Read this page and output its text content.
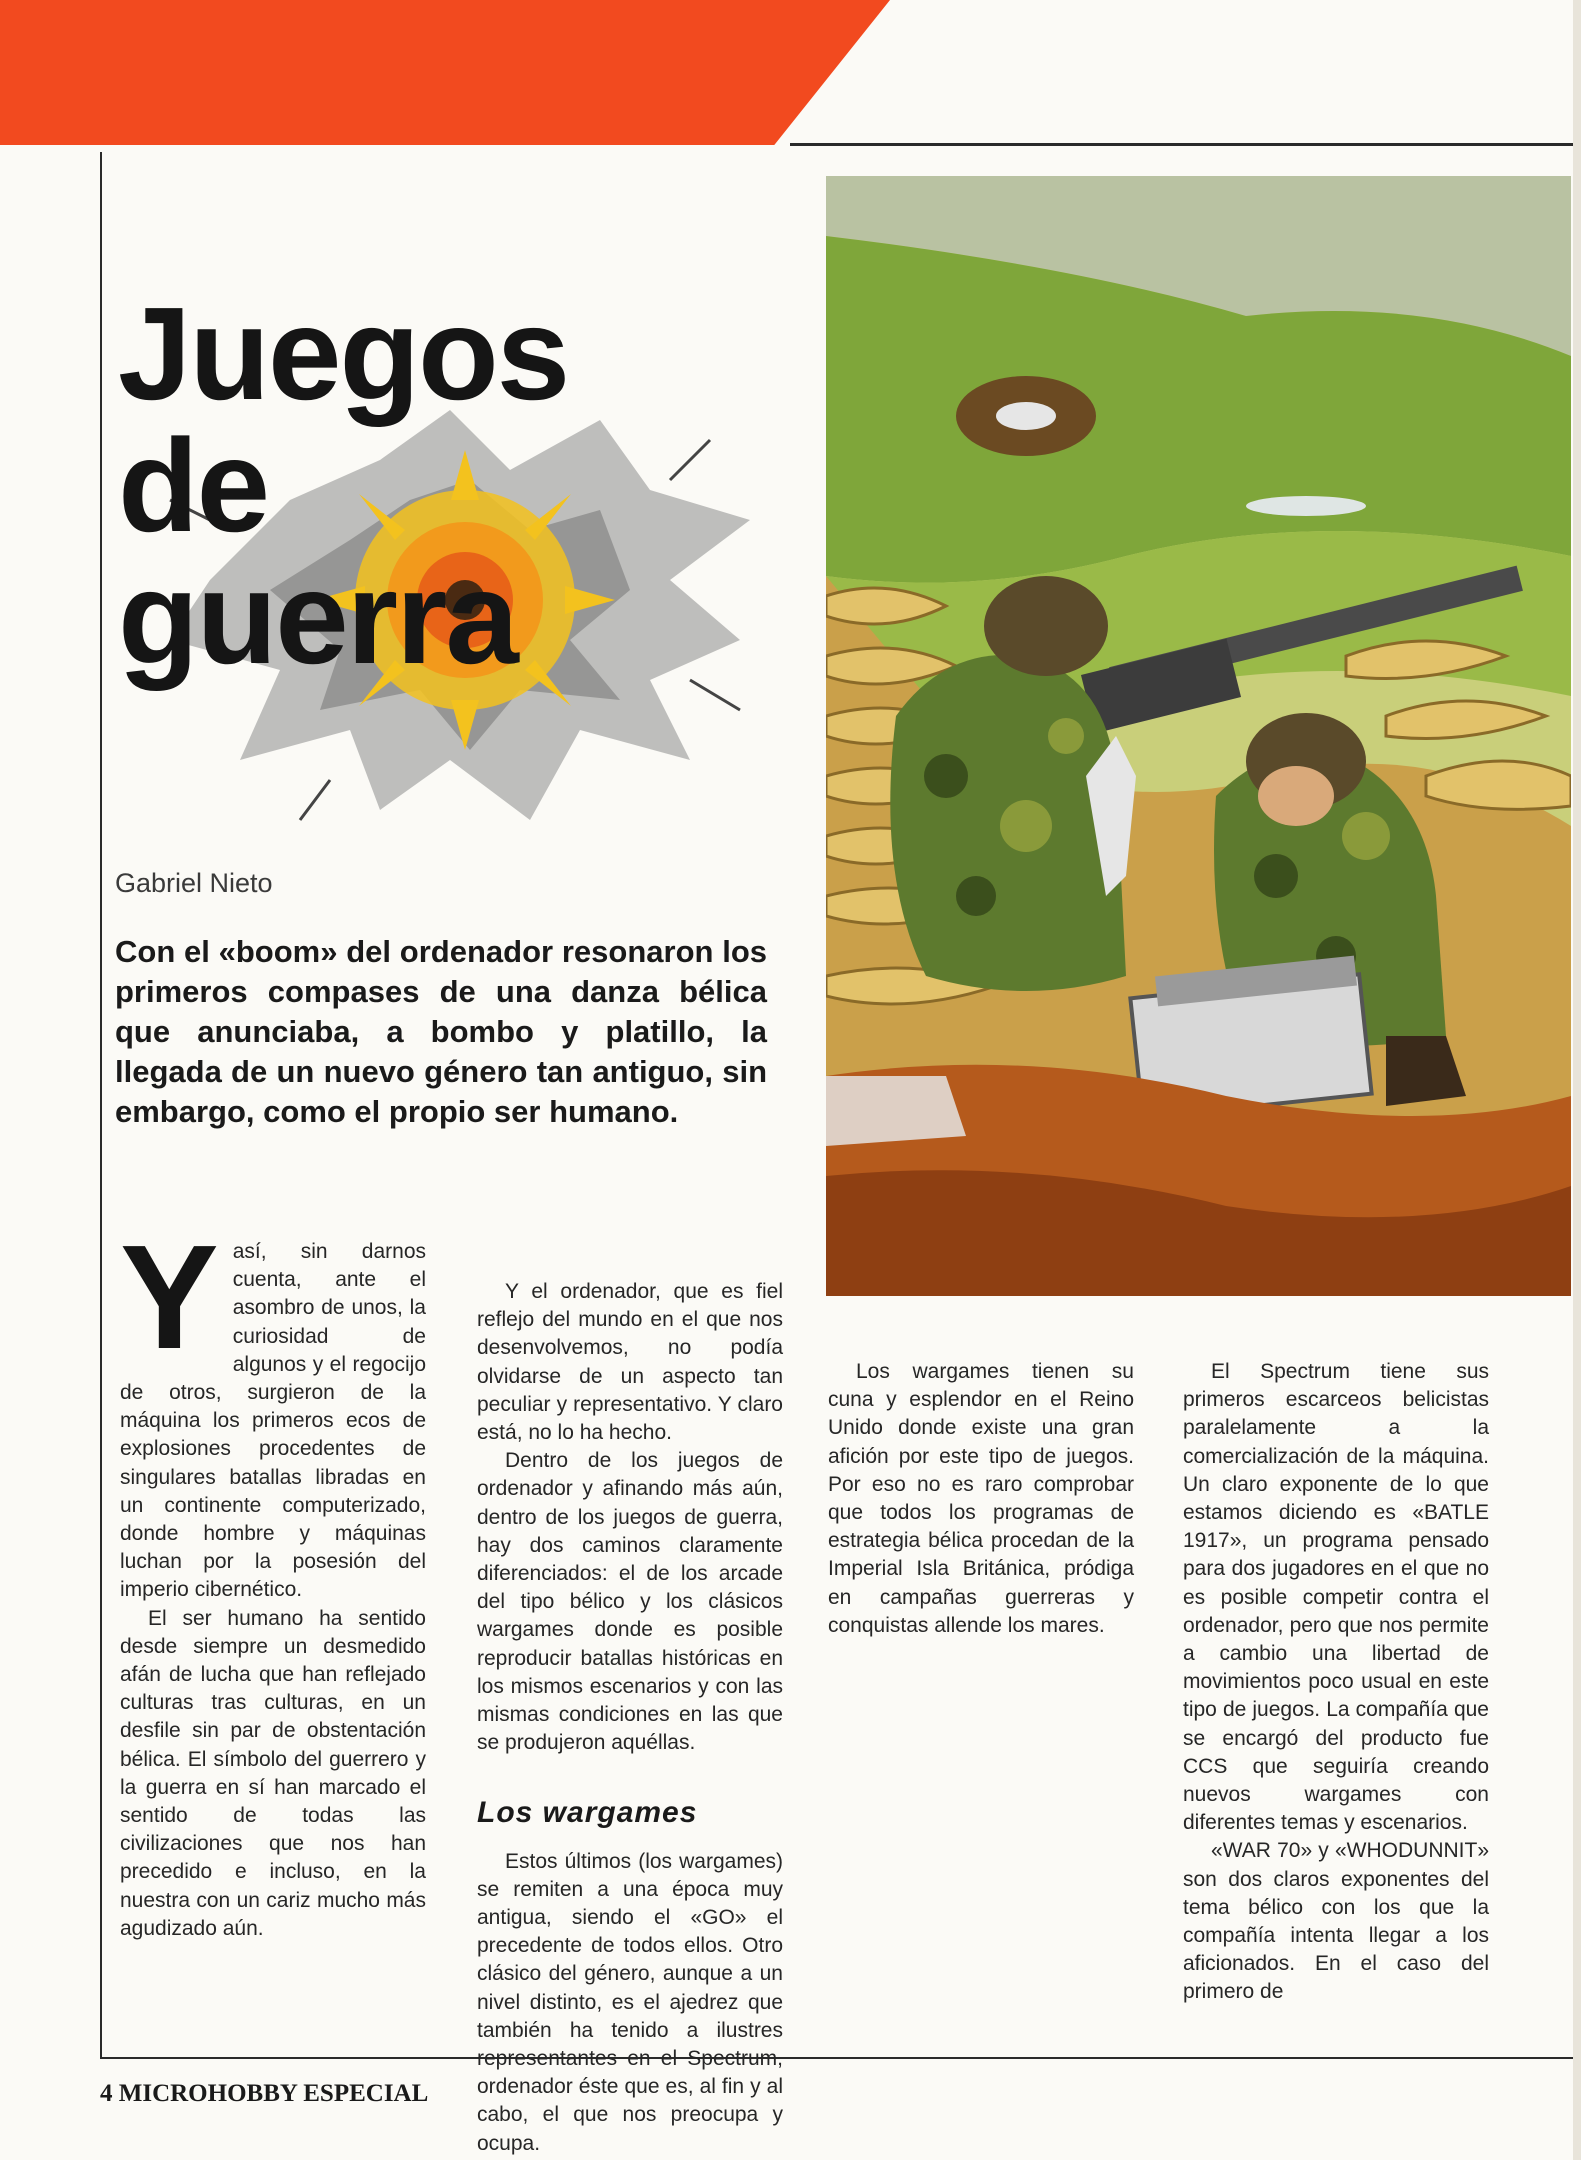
Juegos
de
guerra
Gabriel Nieto

Con el «boom» del ordenador resonaron los primeros compases de una danza bélica que anunciaba, a bombo y platillo, la llegada de un nuevo género tan antiguo, sin embargo, como el propio ser humano.

Y así, sin darnos cuenta, ante el asombro de unos, la curiosidad de algunos y el regocijo de otros, surgieron de la máquina los primeros ecos de explosiones procedentes de singulares batallas libradas en un continente computerizado, donde hombre y máquinas luchan por la posesión del imperio cibernético.

El ser humano ha sentido desde siempre un desmedido afán de lucha que han reflejado culturas tras culturas, en un desfile sin par de obstentación bélica. El símbolo del guerrero y la guerra en sí han marcado el sentido de todas las civilizaciones que nos han precedido e incluso, en la nuestra con un cariz mucho más agudizado aún.

Y el ordenador, que es fiel reflejo del mundo en el que nos desenvolvemos, no podía olvidarse de un aspecto tan peculiar y representativo. Y claro está, no lo ha hecho.

Dentro de los juegos de ordenador y afinando más aún, dentro de los juegos de guerra, hay dos caminos claramente diferenciados: el de los arcade del tipo bélico y los clásicos wargames donde es posible reproducir batallas históricas en los mismos escenarios y con las mismas condiciones en las que se produjeron aquéllas.

Los wargames

Estos últimos (los wargames) se remiten a una época muy antigua, siendo el «GO» el precedente de todos ellos. Otro clásico del género, aunque a un nivel distinto, es el ajedrez que también ha tenido a ilustres representantes en el Spectrum, ordenador éste que es, al fin y al cabo, el que nos preocupa y ocupa.

Los wargames tienen su cuna y esplendor en el Reino Unido donde existe una gran afición por este tipo de juegos. Por eso no es raro comprobar que todos los programas de estrategia bélica procedan de la Imperial Isla Británica, pródiga en campañas guerreras y conquistas allende los mares.

El Spectrum tiene sus primeros escarceos belicistas paralelamente a la comercialización de la máquina. Un claro exponente de lo que estamos diciendo es «BATLE 1917», un programa pensado para dos jugadores en el que no es posible competir contra el ordenador, pero que nos permite a cambio una libertad de movimientos poco usual en este tipo de juegos. La compañía que se encargó del producto fue CCS que seguiría creando nuevos wargames con diferentes temas y escenarios.

«WAR 70» y «WHODUNNIT» son dos claros exponentes del tema bélico con los que la compañía intenta llegar a los aficionados. En el caso del primero de

4 MICROHOBBY ESPECIAL
